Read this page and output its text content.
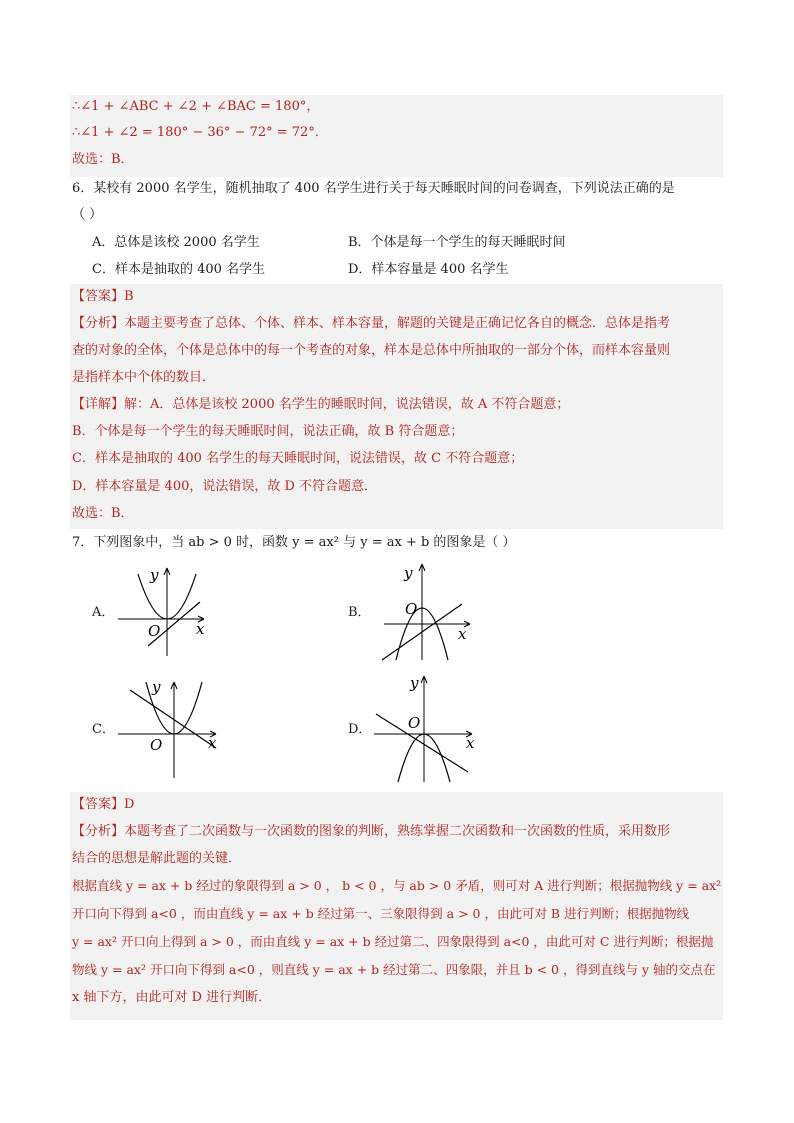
∴∠1 + ∠ABC + ∠2 + ∠BAC = 180°，
∴∠1 + ∠2 = 180° − 36° − 72° = 72°．
故选：B．
6．某校有 2000 名学生，随机抽取了 400 名学生进行关于每天睡眠时间的问卷调查，下列说法正确的是
（ ）
A．总体是该校 2000 名学生	B．个体是每一个学生的每天睡眠时间
C．样本是抽取的 400 名学生	D．样本容量是 400 名学生
【答案】B
【分析】本题主要考查了总体、个体、样本、样本容量，解题的关键是正确记忆各自的概念．总体是指考
查的对象的全体，个体是总体中的每一个考查的对象，样本是总体中所抽取的一部分个体，而样本容量则
是指样本中个体的数目．
【详解】解：A．总体是该校 2000 名学生的睡眠时间，说法错误，故 A 不符合题意；
B．个体是每一个学生的每天睡眠时间，说法正确，故 B 符合题意；
C．样本是抽取的 400 名学生的每天睡眠时间，说法错误，故 C 不符合题意；
D．样本容量是 400，说法错误，故 D 不符合题意．
故选：B．
7．下列图象中，当 ab > 0 时，函数 y = ax² 与 y = ax + b 的图象是（ ）
A．	B．
C．	D．
y
x
O
y
x
O
y
x
O
y
x
O
【答案】D
【分析】本题考查了二次函数与一次函数的图象的判断，熟练掌握二次函数和一次函数的性质，采用数形
结合的思想是解此题的关键．
根据直线 y = ax + b 经过的象限得到 a > 0 ， b < 0 ，与 ab > 0 矛盾，则可对 A 进行判断；根据抛物线 y = ax²
开口向下得到 a<0 ，而由直线 y = ax + b 经过第一、三象限得到 a > 0 ，由此可对 B 进行判断；根据抛物线
y = ax² 开口向上得到 a > 0 ，而由直线 y = ax + b 经过第二、四象限得到 a<0 ，由此可对 C 进行判断；根据抛
物线 y = ax² 开口向下得到 a<0 ，则直线 y = ax + b 经过第二、四象限，并且 b < 0 ，得到直线与 y 轴的交点在
x 轴下方，由此可对 D 进行判断．
